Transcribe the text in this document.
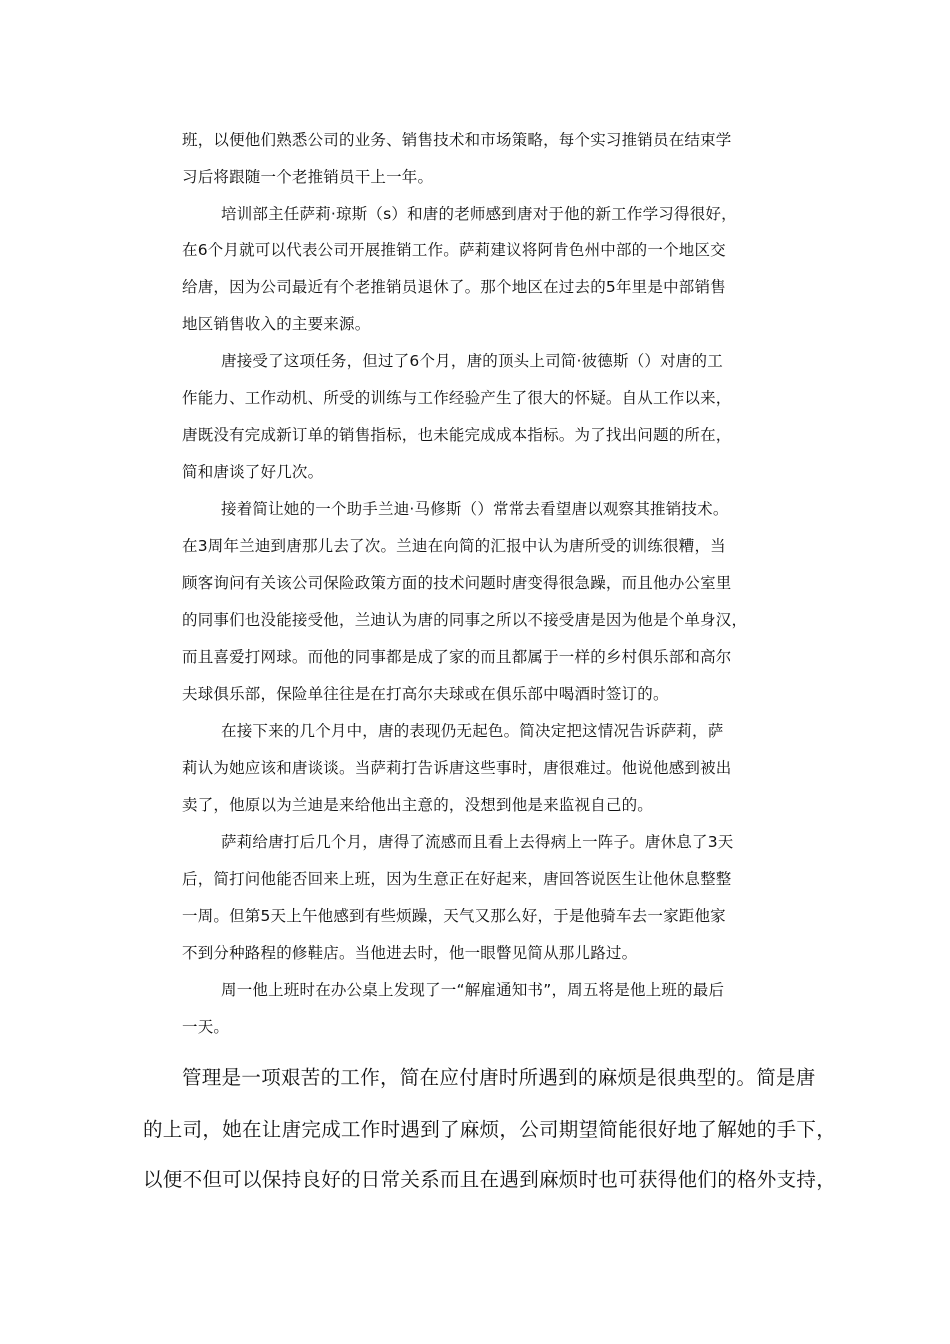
班，以便他们熟悉公司的业务、销售技术和市场策略，每个实习推销员在结束学

习后将跟随一个老推销员干上一年。

培训部主任萨莉·琼斯（s）和唐的老师感到唐对于他的新工作学习得很好，

在6个月就可以代表公司开展推销工作。萨莉建议将阿肯色州中部的一个地区交

给唐，因为公司最近有个老推销员退休了。那个地区在过去的5年里是中部销售

地区销售收入的主要来源。

唐接受了这项任务，但过了6个月，唐的顶头上司简·彼德斯（）对唐的工

作能力、工作动机、所受的训练与工作经验产生了很大的怀疑。自从工作以来，

唐既没有完成新订单的销售指标，也未能完成成本指标。为了找出问题的所在，

简和唐谈了好几次。

接着简让她的一个助手兰迪·马修斯（）常常去看望唐以观察其推销技术。

在3周年兰迪到唐那儿去了次。兰迪在向简的汇报中认为唐所受的训练很糟，当

顾客询问有关该公司保险政策方面的技术问题时唐变得很急躁，而且他办公室里

的同事们也没能接受他，兰迪认为唐的同事之所以不接受唐是因为他是个单身汉，

而且喜爱打网球。而他的同事都是成了家的而且都属于一样的乡村俱乐部和高尔

夫球俱乐部，保险单往往是在打高尔夫球或在俱乐部中喝酒时签订的。

在接下来的几个月中，唐的表现仍无起色。简决定把这情况告诉萨莉，萨

莉认为她应该和唐谈谈。当萨莉打告诉唐这些事时，唐很难过。他说他感到被出

卖了，他原以为兰迪是来给他出主意的，没想到他是来监视自己的。

萨莉给唐打后几个月，唐得了流感而且看上去得病上一阵子。唐休息了3天

后，简打问他能否回来上班，因为生意正在好起来，唐回答说医生让他休息整整

一周。但第5天上午他感到有些烦躁，天气又那么好，于是他骑车去一家距他家

不到分种路程的修鞋店。当他进去时，他一眼瞥见简从那儿路过。

周一他上班时在办公桌上发现了一“解雇通知书”，周五将是他上班的最后

一天。

管理是一项艰苦的工作，简在应付唐时所遇到的麻烦是很典型的。简是唐

的上司，她在让唐完成工作时遇到了麻烦，公司期望简能很好地了解她的手下，

以便不但可以保持良好的日常关系而且在遇到麻烦时也可获得他们的格外支持，
